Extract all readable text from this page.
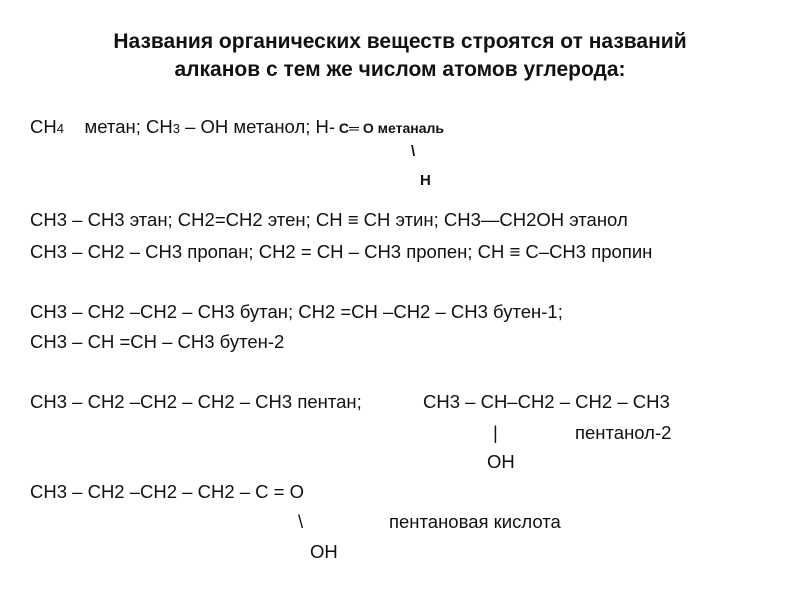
Названия органических веществ строятся от названий
алканов с тем же числом атомов углерода:
CH4 метан; CH3 – OH метанол; H- C═ O метаналь
\
H
CH3 – CH3 этан; CH2=CH2 этен; CH ≡ CH этин; CH3—CH2OH этанол
CH3 – CH2 – CH3 пропан; CH2 = CH – CH3 пропен; CH ≡ C–CH3 пропин
CH3 – CH2 –CH2 – CH3 бутан; CH2 =CH –CH2 – CH3 бутен-1;
CH3 – CH =CH – CH3 бутен-2
CH3 – CH2 –CH2 – CH2 – CH3 пентан;	CH3 – CH–CH2 – CH2 – CH3
|	пентанол-2
OH
CH3 – CH2 –CH2 – CH2 – C = O
\	пентановая кислота
OH
